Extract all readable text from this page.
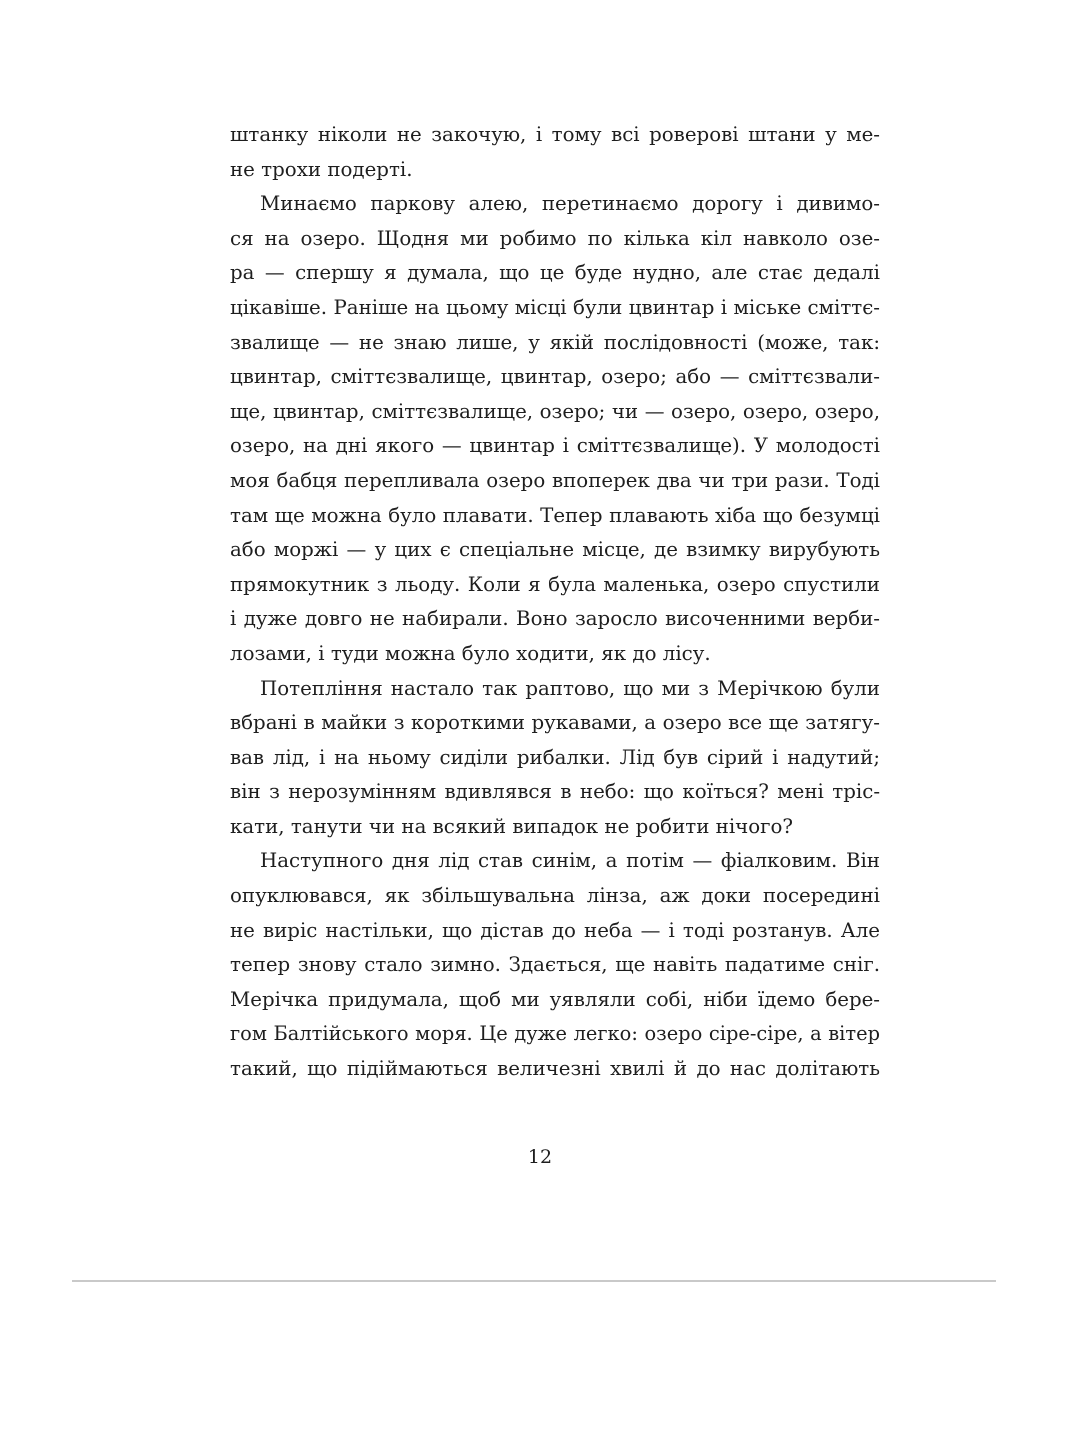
штанку ніколи не закочую, і тому всі роверові штани у ме-
не трохи подерті.
Минаємо паркову алею, перетинаємо дорогу і дивимо-
ся на озеро. Щодня ми робимо по кілька кіл навколо озе-
ра — спершу я думала, що це буде нудно, але стає дедалі
цікавіше. Раніше на цьому місці були цвинтар і міське сміттє-
звалище — не знаю лише, у якій послідовності (може, так:
цвинтар, сміттєзвалище, цвинтар, озеро; або — сміттєзвали-
ще, цвинтар, сміттєзвалище, озеро; чи — озеро, озеро, озеро,
озеро, на дні якого — цвинтар і сміттєзвалище). У молодості
моя бабця перепливала озеро впоперек два чи три рази. Тоді
там ще можна було плавати. Тепер плавають хіба що безумці
або моржі — у цих є спеціальне місце, де взимку вирубують
прямокутник з льоду. Коли я була маленька, озеро спустили
і дуже довго не набирали. Воно заросло височенними верби-
лозами, і туди можна було ходити, як до лісу.
Потепління настало так раптово, що ми з Мерічкою були
вбрані в майки з короткими рукавами, а озеро все ще затягу-
вав лід, і на ньому сиділи рибалки. Лід був сірий і надутий;
він з нерозумінням вдивлявся в небо: що коїться? мені тріс-
кати, танути чи на всякий випадок не робити нічого?
Наступного дня лід став синім, а потім — фіалковим. Він
опуклювався, як збільшувальна лінза, аж доки посередині
не виріс настільки, що дістав до неба — і тоді розтанув. Але
тепер знову стало зимно. Здається, ще навіть падатиме сніг.
Мерічка придумала, щоб ми уявляли собі, ніби їдемо бере-
гом Балтійського моря. Це дуже легко: озеро сіре-сіре, а вітер
такий, що підіймаються величезні хвилі й до нас долітають
12
